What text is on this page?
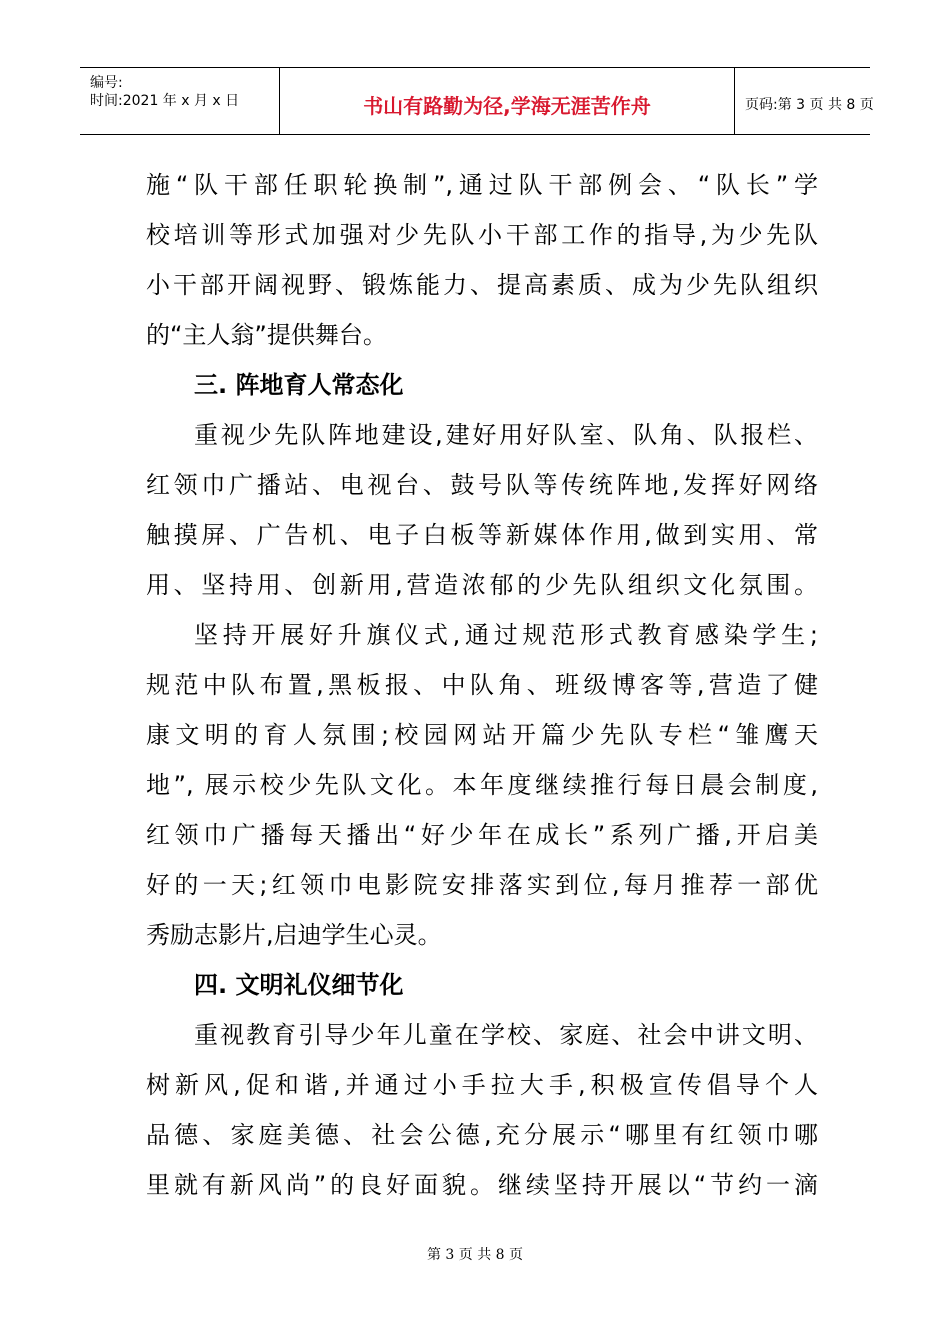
编号:
时间:2021 年 x 月 x 日	书山有路勤为径,学海无涯苦作舟	页码:第 3 页 共 8 页
施“队干部任职轮换制”,通过队干部例会、“队长”学
校培训等形式加强对少先队小干部工作的指导,为少先队
小干部开阔视野、锻炼能力、提高素质、成为少先队组织
的“主人翁”提供舞台。
三. 阵地育人常态化
重视少先队阵地建设,建好用好队室、队角、队报栏、
红领巾广播站、电视台、鼓号队等传统阵地,发挥好网络
触摸屏、广告机、电子白板等新媒体作用,做到实用、常
用、坚持用、创新用,营造浓郁的少先队组织文化氛围。
坚持开展好升旗仪式,通过规范形式教育感染学生;
规范中队布置,黑板报、中队角、班级博客等,营造了健
康文明的育人氛围;校园网站开篇少先队专栏“雏鹰天
地”, 展示校少先队文化。本年度继续推行每日晨会制度,
红领巾广播每天播出“好少年在成长”系列广播,开启美
好的一天;红领巾电影院安排落实到位,每月推荐一部优
秀励志影片,启迪学生心灵。
四. 文明礼仪细节化
重视教育引导少年儿童在学校、家庭、社会中讲文明、
树新风,促和谐,并通过小手拉大手,积极宣传倡导个人
品德、家庭美德、社会公德,充分展示“哪里有红领巾哪
里就有新风尚”的良好面貌。继续坚持开展以“节约一滴
第 3 页 共 8 页
